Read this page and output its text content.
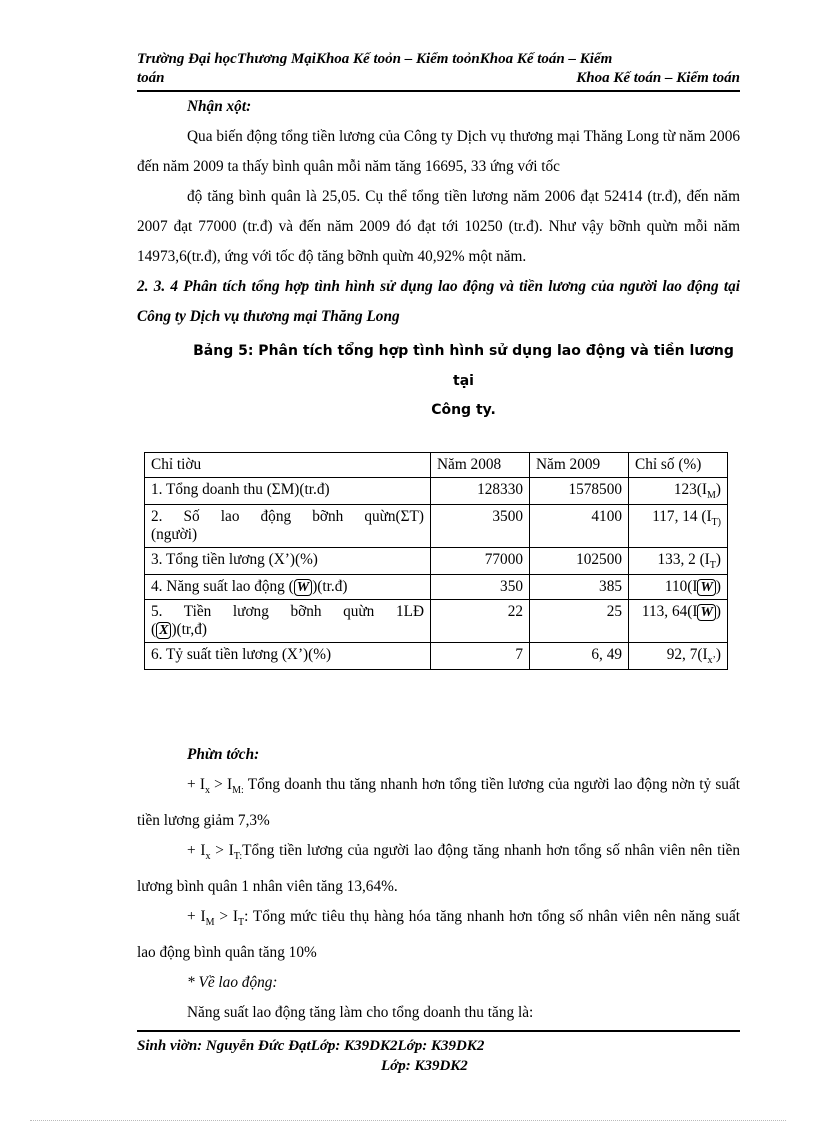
Trường Đại họcThương MạiKhoa Kế toỏn – Kiểm toỏnKhoa Kế toán – Kiểm
toán	Khoa Kế toán – Kiểm toán

Nhận xột:

Qua biến động tổng tiền lương của Công ty Dịch vụ thương mại Thăng Long từ năm 2006 đến năm 2009 ta thấy bình quân mỗi năm tăng 16695, 33 ứng với tốc

độ tăng bình quân là 25,05. Cụ thể tổng tiền lương năm 2006 đạt 52414 (tr.đ), đến năm 2007 đạt 77000 (tr.đ) và đến năm 2009 đó đạt tới 10250 (tr.đ). Như vậy bỡnh quừn mỗi năm 14973,6(tr.đ), ứng với tốc độ tăng bỡnh quừn 40,92% một năm.

2. 3. 4 Phân tích tổng hợp tình hình sử dụng lao động và tiền lương của người lao động tại Công ty Dịch vụ thương mại Thăng Long

Bảng 5: Phân tích tổng hợp tình hình sử dụng lao động và tiền lương tại

Công ty.

Chỉ tiờu	Năm 2008	Năm 2009	Chỉ số (%)
1. Tổng doanh thu (ΣM)(tr.đ)	128330	1578500	$123(I_M)$

2. Số lao động bỡnh quừn(ΣT)
(người)	3500	4100	117, 14 ($I_{T)}$
3. Tổng tiền lương (X’)(%)	77000	102500	133, 2 $(I_T)$
4. Năng suất lao động ( W )(tr.đ)	350	385	110(I W )

5. Tiền lương bỡnh quừn 1LĐ
( X )(tr,đ)	22	25	113, 64(I W )
6. Tỷ suất tiền lương (X’)(%)	7	6, 49	92, $7(I_{x’})$

Phừn tớch:

+ $I_x > I_{M:}$ Tổng doanh thu tăng nhanh hơn tổng tiền lương của người lao động nờn tỷ suất tiền lương giảm 7,3%

+ $I_x$ > $I_{T:}Tổng$ tiền lương của người lao động tăng nhanh hơn tổng số nhân viên nên tiền lương bình quân 1 nhân viên tăng 13,64%.

+ $I_M > I_T$: Tổng mức tiêu thụ hàng hóa tăng nhanh hơn tổng số nhân viên nên năng suất lao động bình quân tăng 10%

* Về lao động:

Năng suất lao động tăng làm cho tổng doanh thu tăng là:

Sinh viờn: Nguyễn Đức ĐạtLớp: K39DK2Lớp: K39DK2
Lớp: K39DK2
